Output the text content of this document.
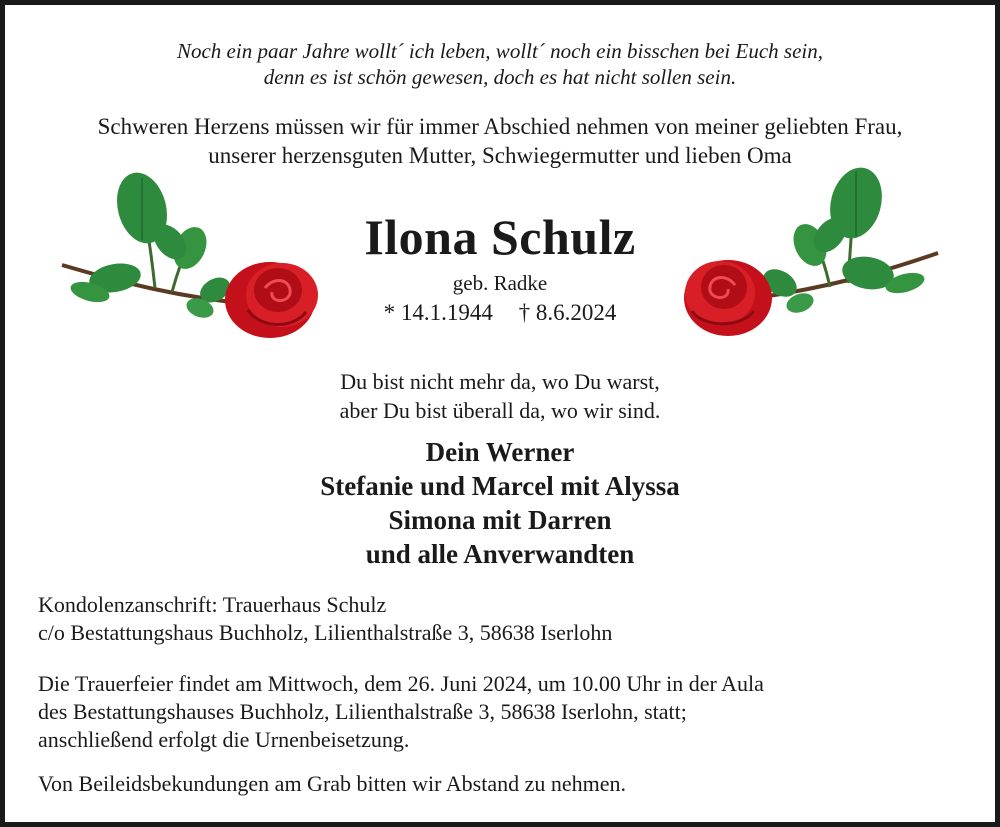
Noch ein paar Jahre wollt´ ich leben, wollt´ noch ein bisschen bei Euch sein,
denn es ist schön gewesen, doch es hat nicht sollen sein.
Schweren Herzens müssen wir für immer Abschied nehmen von meiner geliebten Frau,
unserer herzensguten Mutter, Schwiegermutter und lieben Oma
Ilona Schulz
geb. Radke
* 14.1.1944 † 8.6.2024
Du bist nicht mehr da, wo Du warst,
aber Du bist überall da, wo wir sind.
Dein Werner
Stefanie und Marcel mit Alyssa
Simona mit Darren
und alle Anverwandten
Kondolenzanschrift: Trauerhaus Schulz
c/o Bestattungshaus Buchholz, Lilienthalstraße 3, 58638 Iserlohn
Die Trauerfeier findet am Mittwoch, dem 26. Juni 2024, um 10.00 Uhr in der Aula
des Bestattungshauses Buchholz, Lilienthalstraße 3, 58638 Iserlohn, statt;
anschließend erfolgt die Urnenbeisetzung.
Von Beileidsbekundungen am Grab bitten wir Abstand zu nehmen.
